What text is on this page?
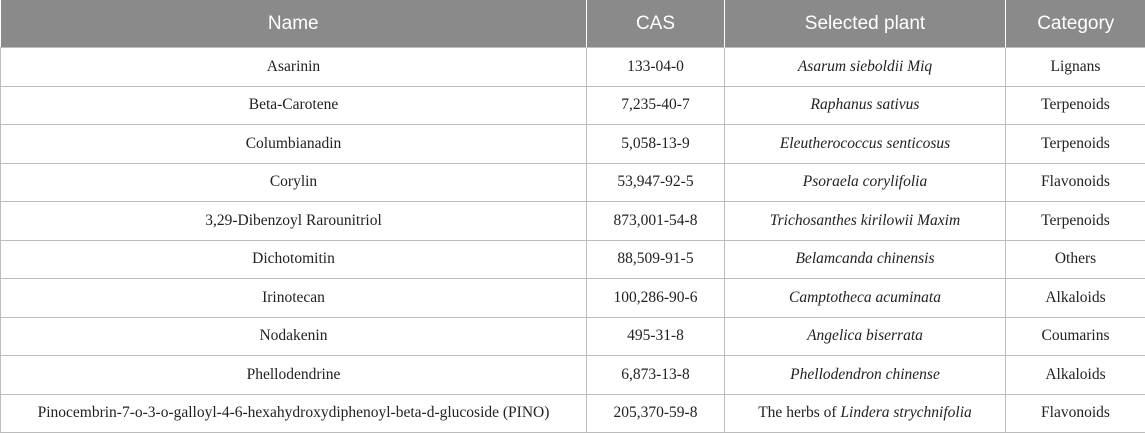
Name	CAS	Selected plant	Category
Asarinin	133-04-0	Asarum sieboldii Miq	Lignans
Beta-Carotene	7,235-40-7	Raphanus sativus	Terpenoids
Columbianadin	5,058-13-9	Eleutherococcus senticosus	Terpenoids
Corylin	53,947-92-5	Psoraela corylifolia	Flavonoids
3,29-Dibenzoyl Rarounitriol	873,001-54-8	Trichosanthes kirilowii Maxim	Terpenoids
Dichotomitin	88,509-91-5	Belamcanda chinensis	Others
Irinotecan	100,286-90-6	Camptotheca acuminata	Alkaloids
Nodakenin	495-31-8	Angelica biserrata	Coumarins
Phellodendrine	6,873-13-8	Phellodendron chinense	Alkaloids
Pinocembrin-7-o-3-o-galloyl-4-6-hexahydroxydiphenoyl-beta-d-glucoside (PINO)	205,370-59-8	The herbs of Lindera strychnifolia	Flavonoids
